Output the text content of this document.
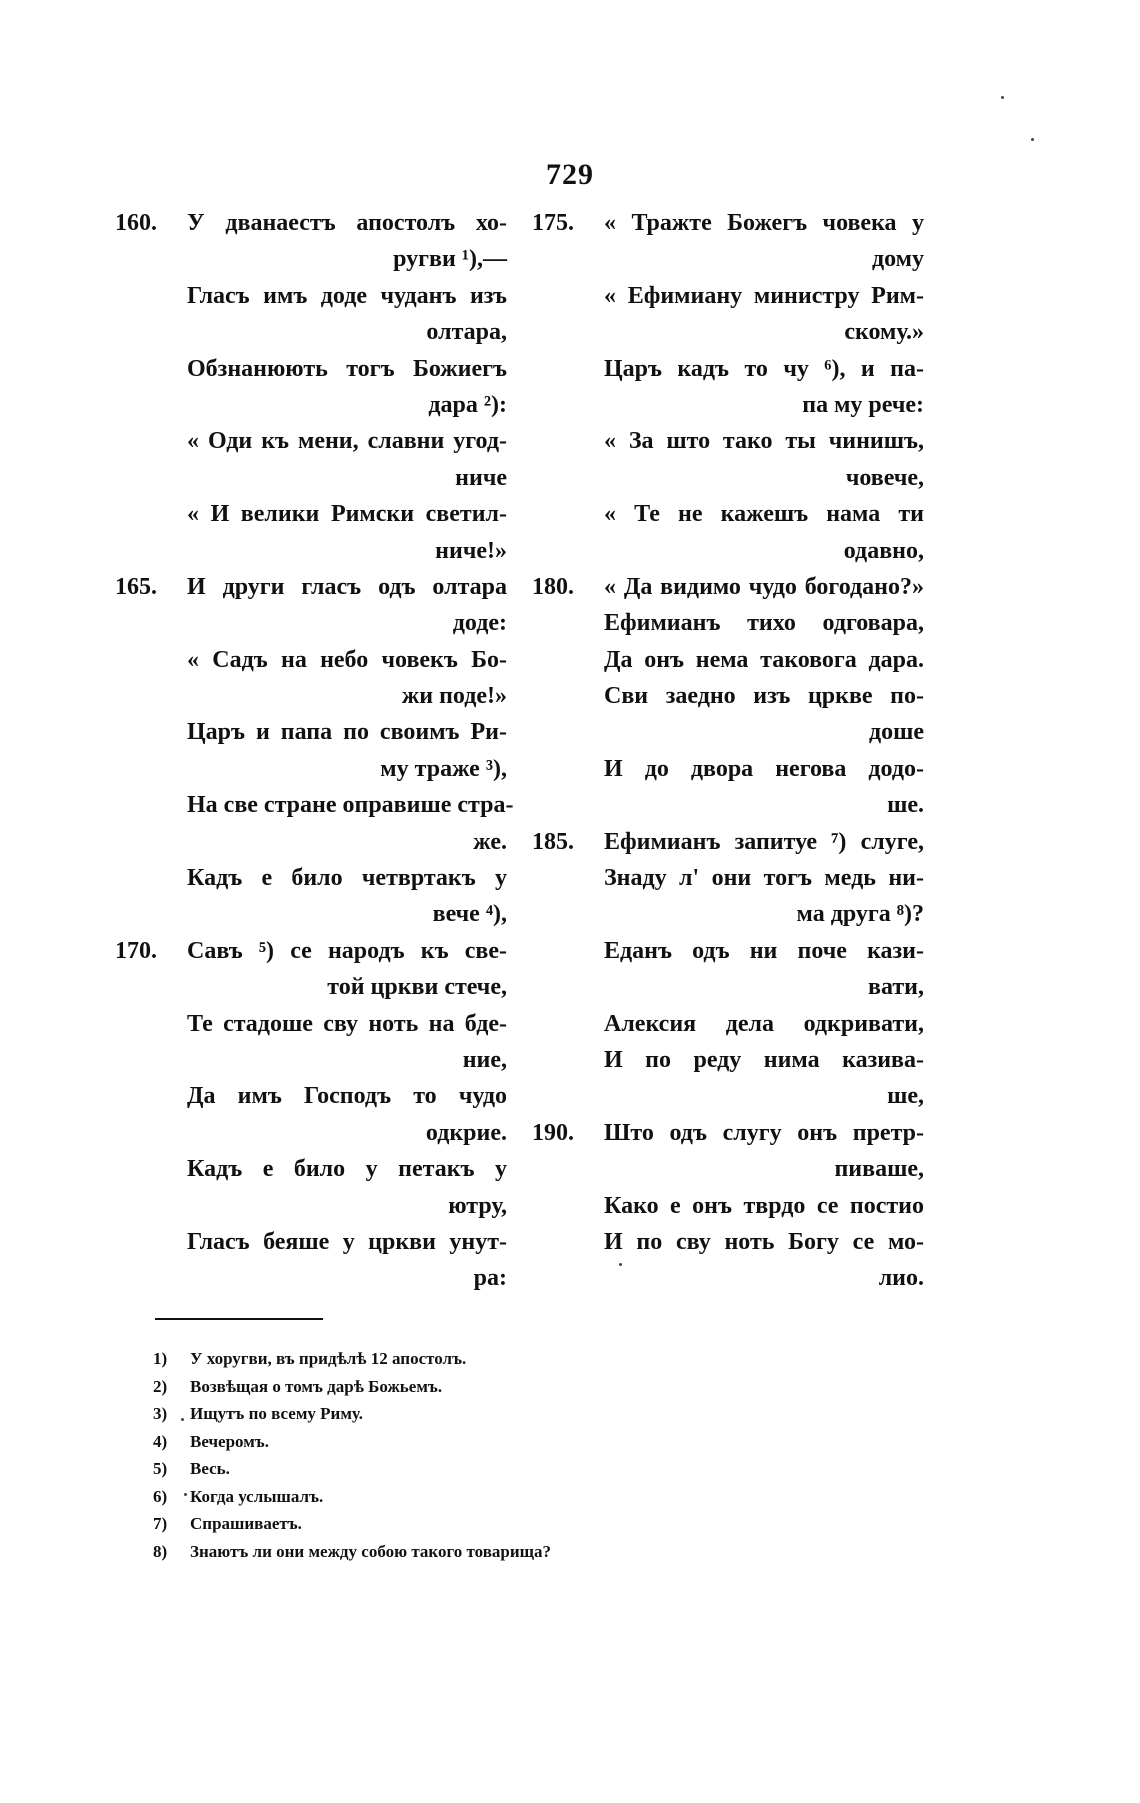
729
160. У дванаестъ апостолъ хо-
ругви ¹),—
Гласъ имъ доде чуданъ изъ
олтара,
Обзнанюють тогъ Божиегъ
дара ²):
« Оди къ мени, славни угод-
ниче
« И велики Римски светил-
ниче!»
165. И други гласъ одъ олтара
доде:
« Садъ на небо човекъ Бо-
жи поде!»
Царъ и папа по своимъ Ри-
му траже ³),
На све стране оправише стра-
же.
Кадъ е било четвртакъ у
вече ⁴),
170. Савъ ⁵) се народъ къ све-
той цркви стече,
Те стадоше сву ноть на бде-
ние,
Да имъ Господъ то чудо
одкрие.
Кадъ е било у петакъ у
ютру,
Гласъ беяше у цркви унут-
ра:
175. « Тражте Божегъ човека у
дому
« Ефимиану министру Рим-
скому.»
Царъ кадъ то чу ⁶), и па-
па му рече:
« За што тако ты чинишъ,
човече,
« Те не кажешъ нама ти
одавно,
180. « Да видимо чудо богодано?»
Ефимианъ тихо одговара,
Да онъ нема таковога дара.
Сви заедно изъ цркве по-
доше
И до двора негова додо-
ше.
185. Ефимианъ запитуе ⁷) слуге,
Знаду л' они тогъ медь ни-
ма друга ⁸)?
Еданъ одъ ни поче кази-
вати,
Алексия дела одкривати,
И по реду нима казива-
ше,
190. Што одъ слугу онъ претр-
пиваше,
Како е онъ тврдо се постио
И по сву ноть Богу се мо-
лио.
1) У хоругви, въ придѣлѣ 12 апостолъ.
2) Возвѣщая о томъ дарѣ Божьемъ.
3) Ищутъ по всему Риму.
4) Вечеромъ.
5) Весь.
6) Когда услышалъ.
7) Спрашиваетъ.
8) Знаютъ ли они между собою такого товарища?
